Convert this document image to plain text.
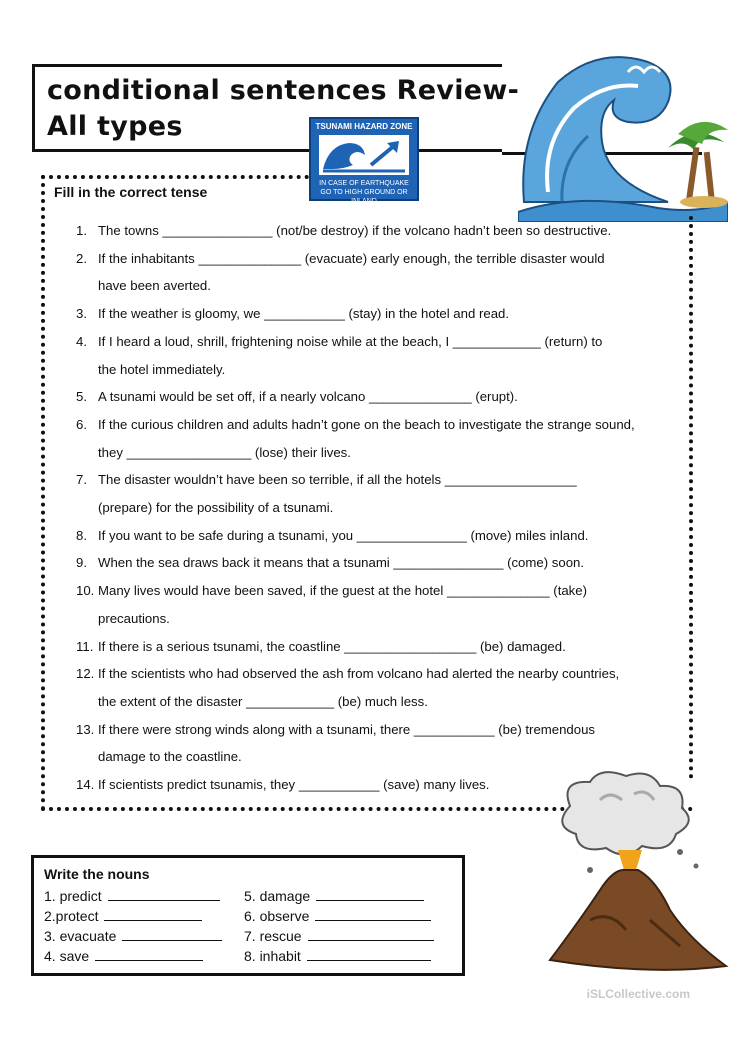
conditional sentences Review-
All types	TSUNAMI HAZARD ZONE
IN CASE OF EARTHQUAKE GO TO HIGH GROUND OR INLAND
Fill in the correct tense
1. The towns _______________ (not/be destroy) if the volcano hadn’t been so destructive.
2. If the inhabitants ______________ (evacuate) early enough, the terrible disaster would
have been averted.
3. If the weather is gloomy, we ___________ (stay) in the hotel and read.
4. If I heard a loud, shrill, frightening noise while at the beach, I ____________ (return) to
the hotel immediately.
5. A tsunami would be set off, if a nearly volcano ______________ (erupt).
6. If the curious children and adults hadn’t gone on the beach to investigate the strange sound,
they _________________ (lose) their lives.
7. The disaster wouldn’t have been so terrible, if all the hotels __________________
(prepare) for the possibility of a tsunami.
8. If you want to be safe during a tsunami, you _______________ (move) miles inland.
9. When the sea draws back it means that a tsunami _______________ (come) soon.
10. Many lives would have been saved, if the guest at the hotel ______________ (take)
precautions.
11. If there is a serious tsunami, the coastline __________________ (be) damaged.
12. If the scientists who had observed the ash from volcano had alerted the nearby countries,
the extent of the disaster ____________ (be) much less.
13. If there were strong winds along with a tsunami, there ___________ (be) tremendous
damage to the coastline.
14. If scientists predict tsunamis, they ___________ (save) many lives.
Write the nouns
1. predict
2.protect
3. evacuate
4. save
5. damage
6. observe
7. rescue
8. inhabit
iSLCollective.com
